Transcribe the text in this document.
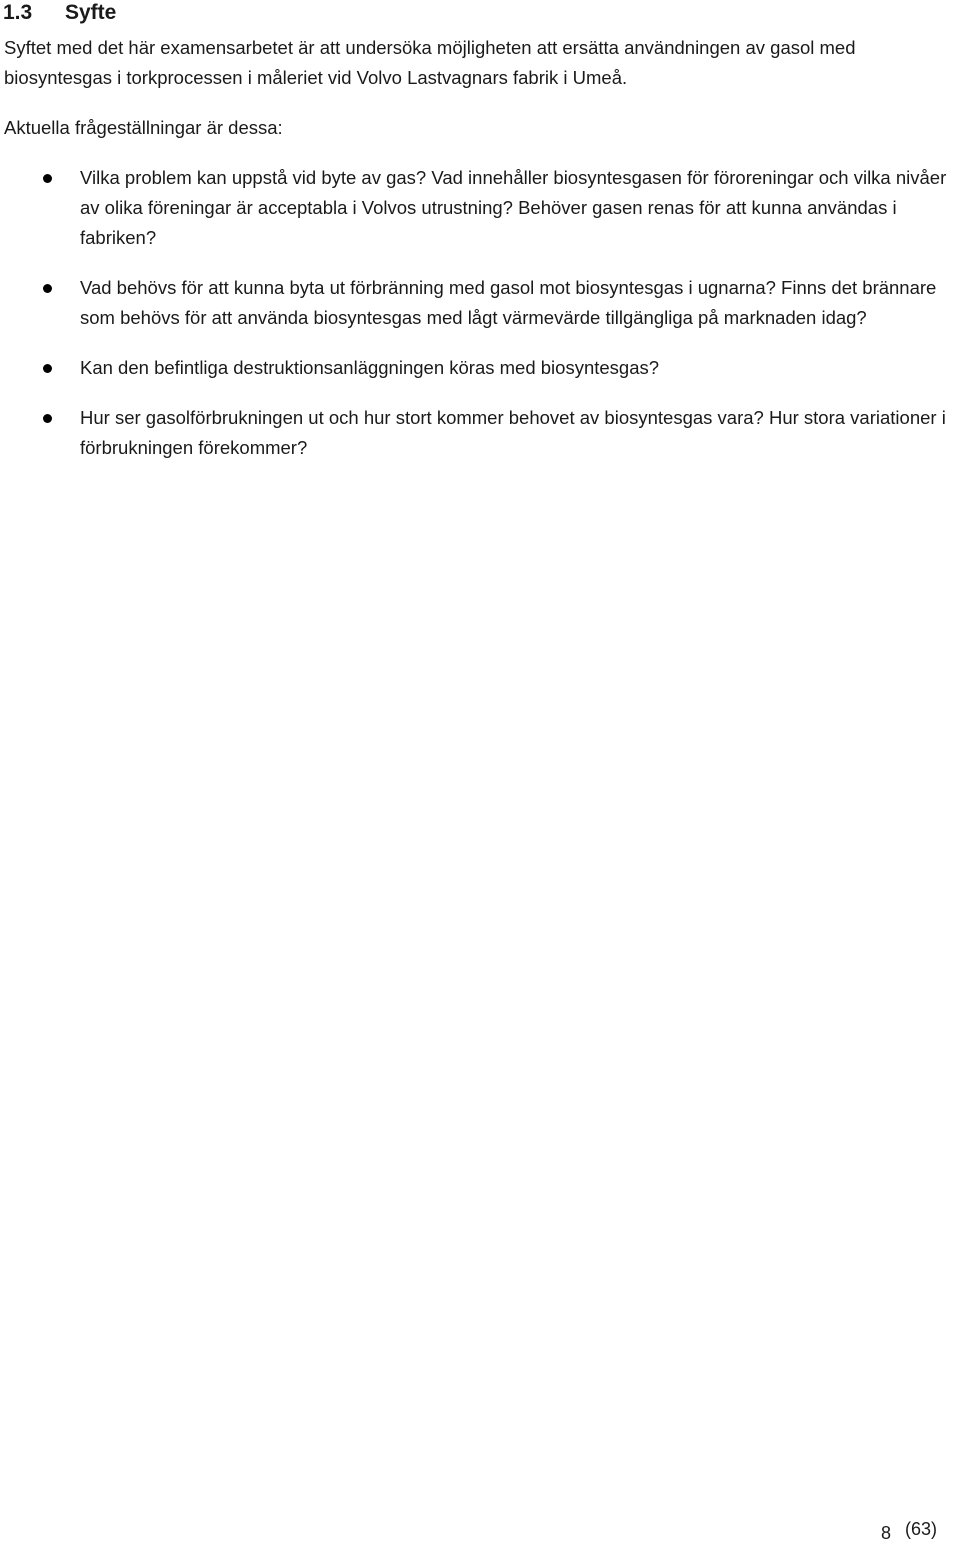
1.3 Syfte

Syftet med det här examensarbetet är att undersöka möjligheten att ersätta användningen av gasol med biosyntesgas i torkprocessen i måleriet vid Volvo Lastvagnars fabrik i Umeå.

Aktuella frågeställningar är dessa:

Vilka problem kan uppstå vid byte av gas? Vad innehåller biosyntesgasen för föroreningar och vilka nivåer av olika föreningar är acceptabla i Volvos utrustning? Behöver gasen renas för att kunna användas i fabriken?
Vad behövs för att kunna byta ut förbränning med gasol mot biosyntesgas i ugnarna? Finns det brännare som behövs för att använda biosyntesgas med lågt värmevärde tillgängliga på marknaden idag?
Kan den befintliga destruktionsanläggningen köras med biosyntesgas?
Hur ser gasolförbrukningen ut och hur stort kommer behovet av biosyntesgas vara? Hur stora variationer i förbrukningen förekommer?
8 (63)
